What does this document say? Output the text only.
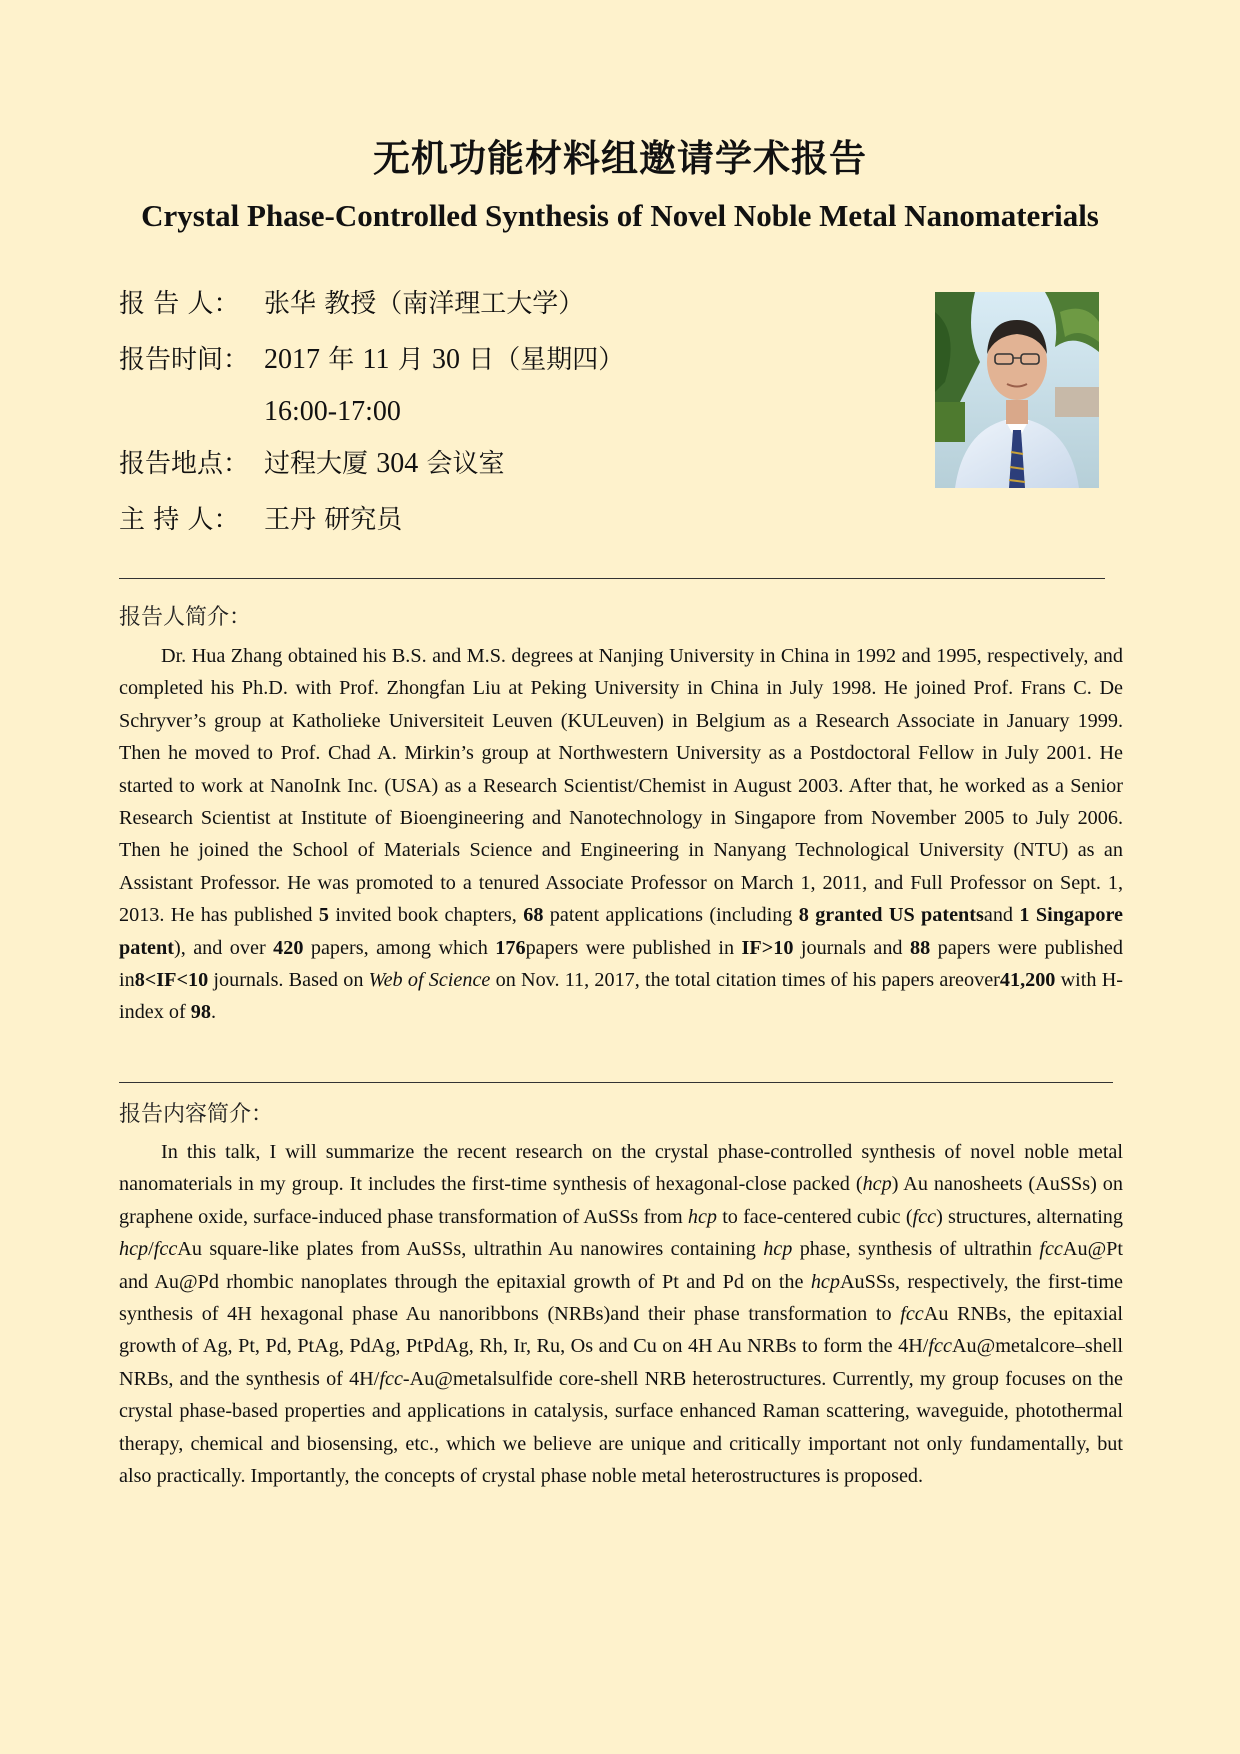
无机功能材料组邀请学术报告
Crystal Phase-Controlled Synthesis of Novel Noble Metal Nanomaterials
报 告 人： 张华 教授（南洋理工大学）
报告时间： 2017 年 11 月 30 日（星期四）
16:00-17:00
报告地点： 过程大厦 304 会议室
主 持 人： 王丹 研究员

报告人简介：

Dr. Hua Zhang obtained his B.S. and M.S. degrees at Nanjing University in China in 1992 and 1995, respectively, and completed his Ph.D. with Prof. Zhongfan Liu at Peking University in China in July 1998. He joined Prof. Frans C. De Schryver’s group at Katholieke Universiteit Leuven (KULeuven) in Belgium as a Research Associate in January 1999. Then he moved to Prof. Chad A. Mirkin’s group at Northwestern University as a Postdoctoral Fellow in July 2001. He started to work at NanoInk Inc. (USA) as a Research Scientist/Chemist in August 2003. After that, he worked as a Senior Research Scientist at Institute of Bioengineering and Nanotechnology in Singapore from November 2005 to July 2006. Then he joined the School of Materials Science and Engineering in Nanyang Technological University (NTU) as an Assistant Professor. He was promoted to a tenured Associate Professor on March 1, 2011, and Full Professor on Sept. 1, 2013. He has published 5 invited book chapters, 68 patent applications (including 8 granted US patentsand 1 Singapore patent), and over 420 papers, among which 176papers were published in IF>10 journals and 88 papers were published in8<IF<10 journals. Based on Web of Science on Nov. 11, 2017, the total citation times of his papers areover41,200 with H-index of 98.

报告内容简介：

In this talk, I will summarize the recent research on the crystal phase-controlled synthesis of novel noble metal nanomaterials in my group. It includes the first-time synthesis of hexagonal-close packed (hcp) Au nanosheets (AuSSs) on graphene oxide, surface-induced phase transformation of AuSSs from hcp to face-centered cubic (fcc) structures, alternating hcp/fccAu square-like plates from AuSSs, ultrathin Au nanowires containing hcp phase, synthesis of ultrathin fccAu@Pt and Au@Pd rhombic nanoplates through the epitaxial growth of Pt and Pd on the hcpAuSSs, respectively, the first-time synthesis of 4H hexagonal phase Au nanoribbons (NRBs)and their phase transformation to fccAu RNBs, the epitaxial growth of Ag, Pt, Pd, PtAg, PdAg, PtPdAg, Rh, Ir, Ru, Os and Cu on 4H Au NRBs to form the 4H/fccAu@metalcore–shell NRBs, and the synthesis of 4H/fcc-Au@metalsulfide core-shell NRB heterostructures. Currently, my group focuses on the crystal phase-based properties and applications in catalysis, surface enhanced Raman scattering, waveguide, photothermal therapy, chemical and biosensing, etc., which we believe are unique and critically important not only fundamentally, but also practically. Importantly, the concepts of crystal phase noble metal heterostructures is proposed.
